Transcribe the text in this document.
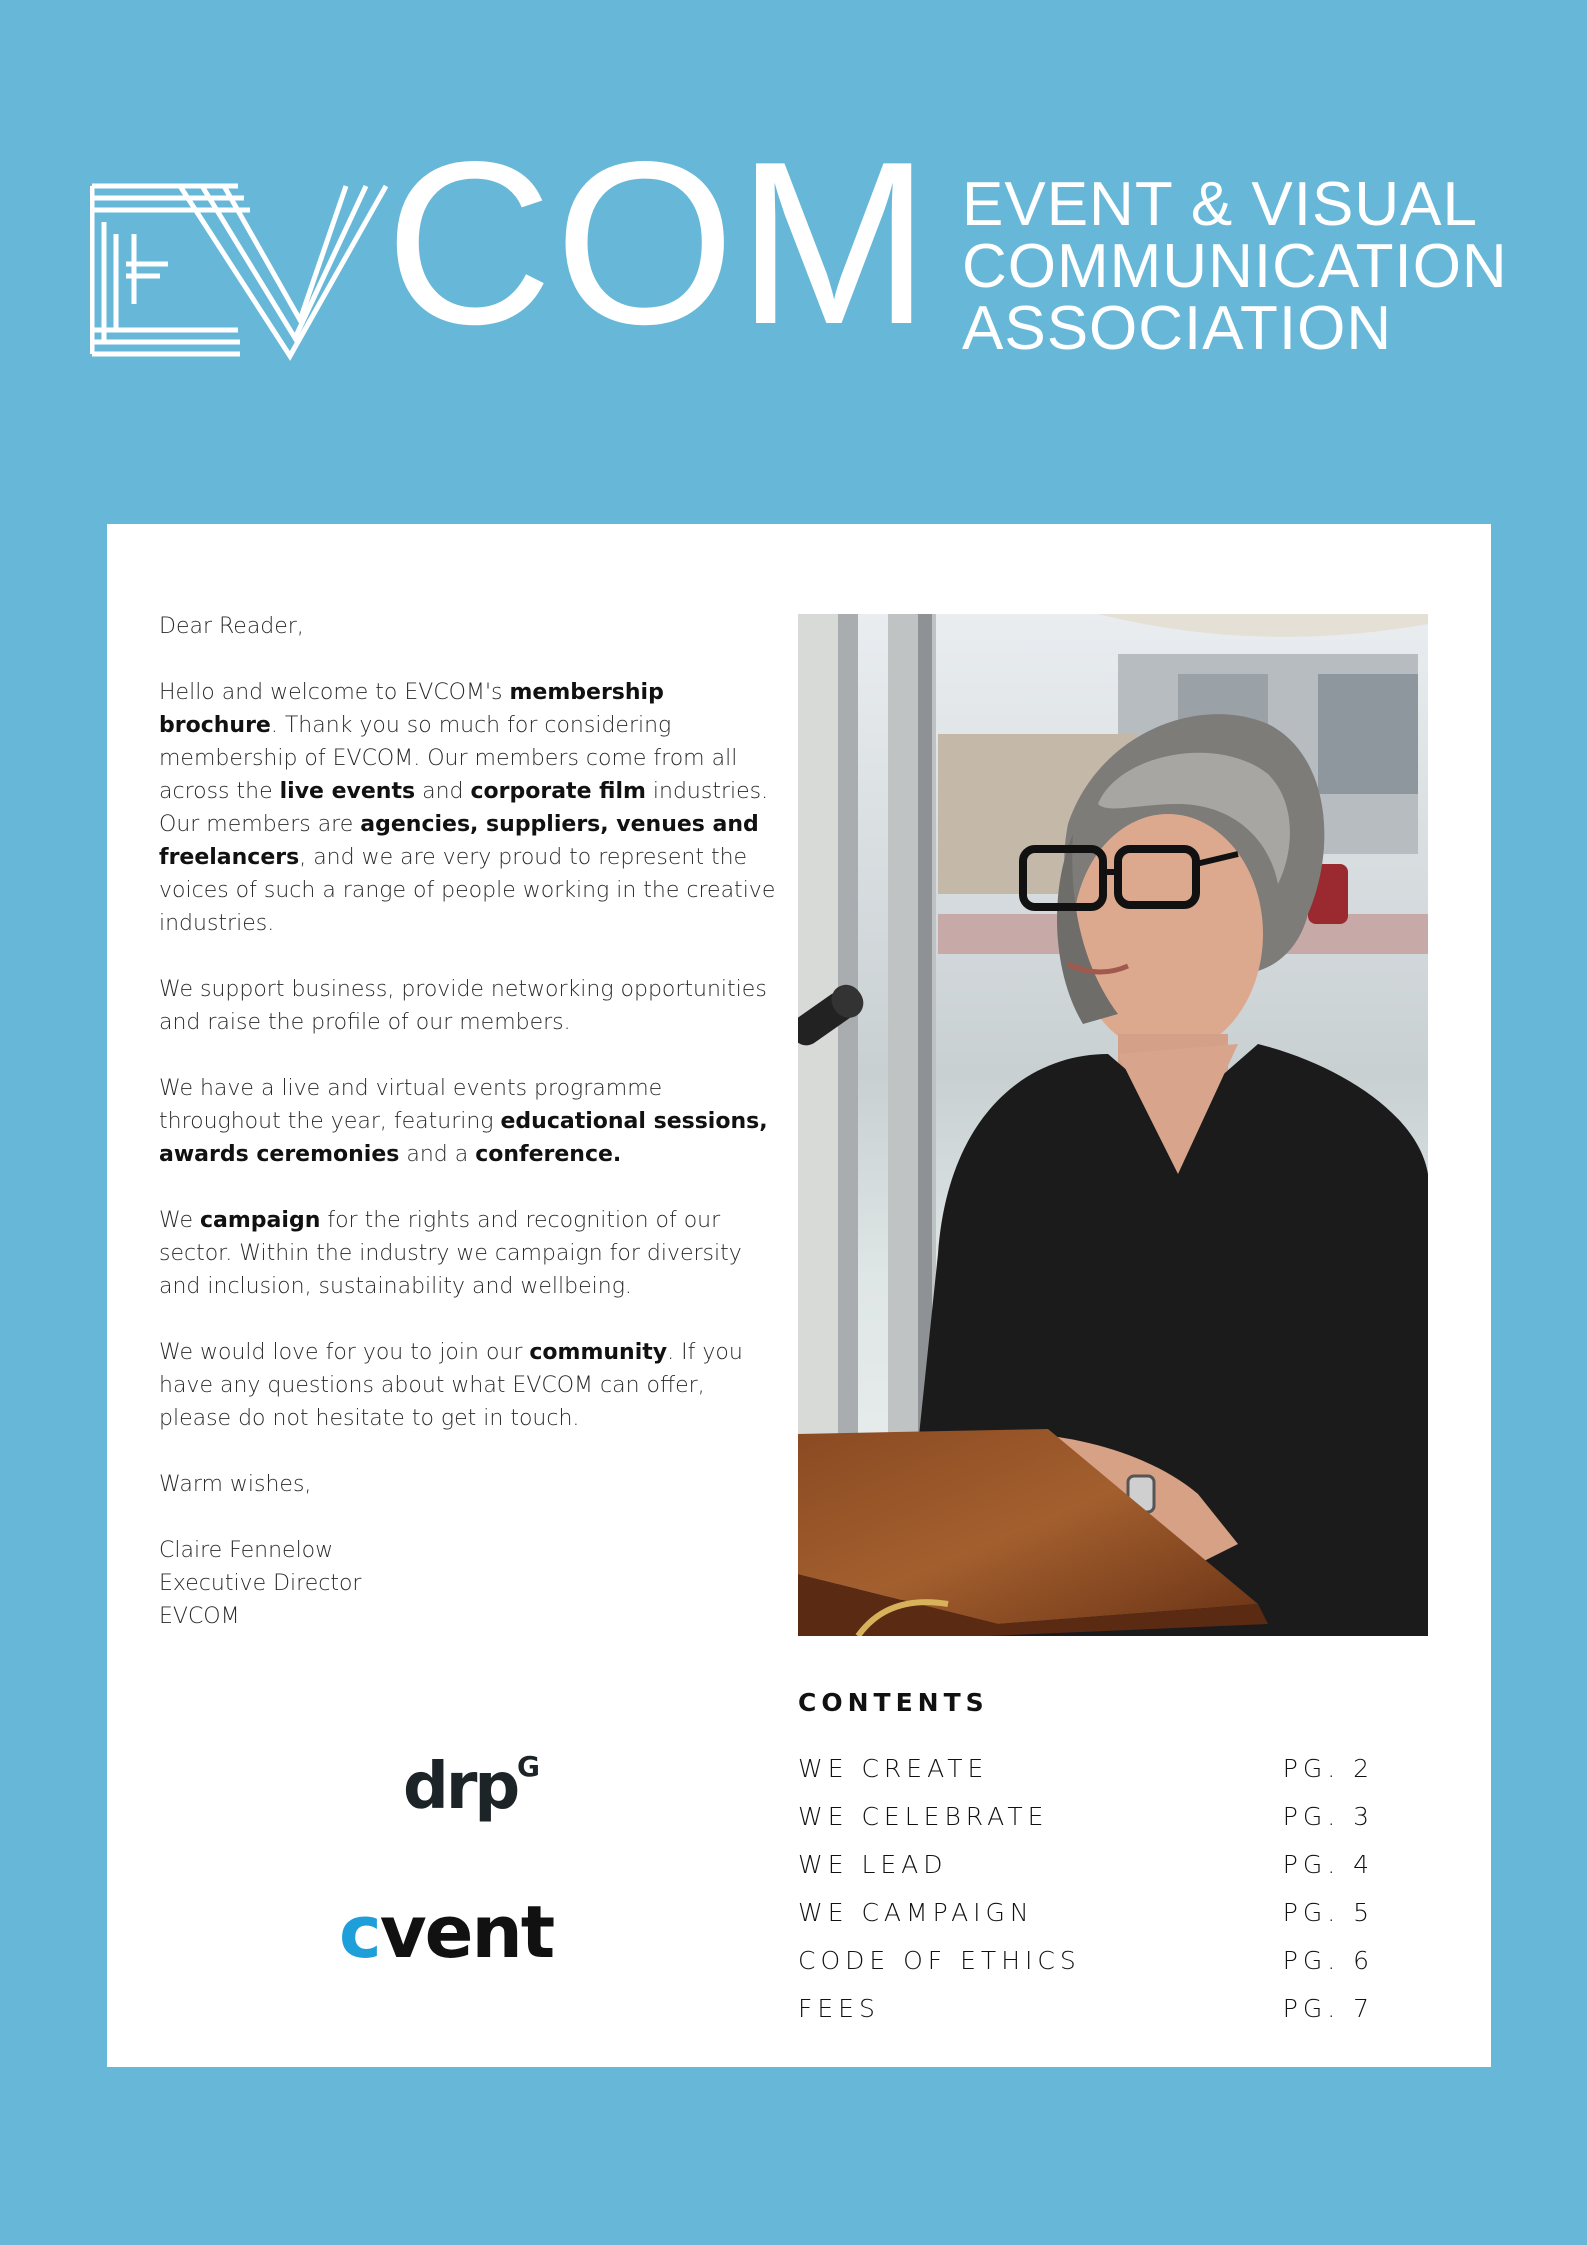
COM EVENT & VISUAL
COMMUNICATION
ASSOCIATION

Dear Reader,

Hello and welcome to EVCOM's membership brochure. Thank you so much for considering membership of EVCOM. Our members come from all across the live events and corporate film industries. Our members are agencies, suppliers, venues and freelancers, and we are very proud to represent the voices of such a range of people working in the creative industries.

We support business, provide networking opportunities and raise the profile of our members.

We have a live and virtual events programme throughout the year, featuring educational sessions, awards ceremonies and a conference.

We campaign for the rights and recognition of our sector. Within the industry we campaign for diversity and inclusion, sustainability and wellbeing.

We would love for you to join our community. If you have any questions about what EVCOM can offer, please do not hesitate to get in touch.

Warm wishes,

Claire Fennelow
Executive Director
EVCOM

drp G
cvent
CONTENTS
WE CREATE	PG. 2
WE CELEBRATE	PG. 3
WE LEAD	PG. 4
WE CAMPAIGN	PG. 5
CODE OF ETHICS	PG. 6
FEES	PG. 7
